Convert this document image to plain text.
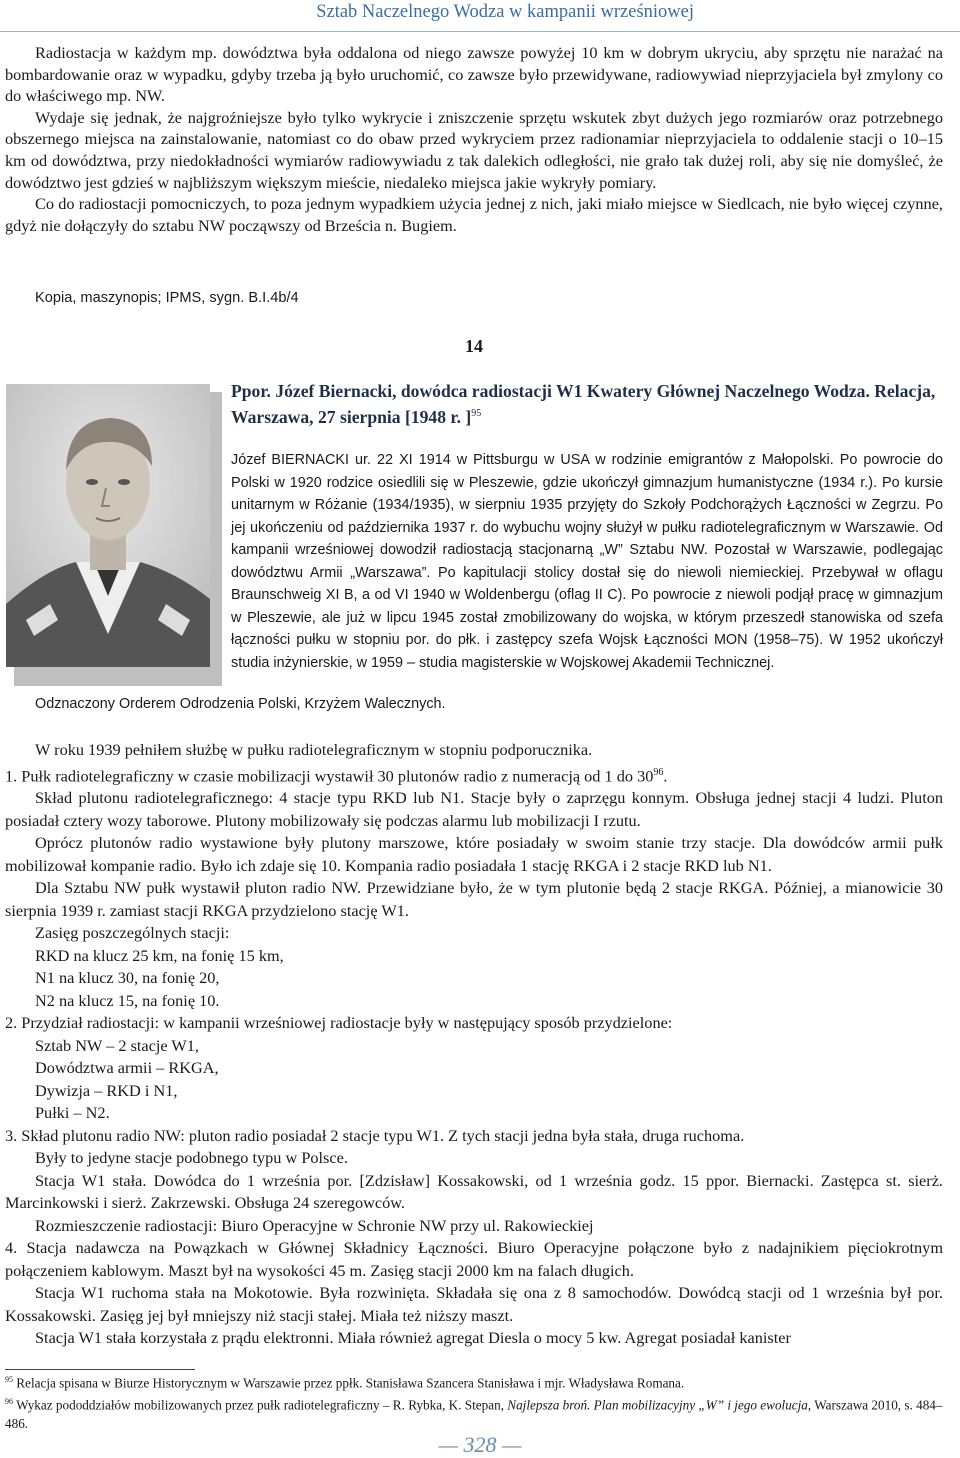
Sztab Naczelnego Wodza w kampanii wrześniowej

Radiostacja w każdym mp. dowództwa była oddalona od niego zawsze powyżej 10 km w dobrym ukryciu, aby sprzętu nie narażać na bombardowanie oraz w wypadku, gdyby trzeba ją było uruchomić, co zawsze było przewidywane, radiowywiad nieprzyjaciela był zmylony co do właściwego mp. NW.

Wydaje się jednak, że najgroźniejsze było tylko wykrycie i zniszczenie sprzętu wskutek zbyt dużych jego rozmiarów oraz potrzebnego obszernego miejsca na zainstalowanie, natomiast co do obaw przed wykryciem przez radionamiar nieprzyjaciela to oddalenie stacji o 10–15 km od dowództwa, przy niedokładności wymiarów radiowywiadu z tak dalekich odległości, nie grało tak dużej roli, aby się nie domyśleć, że dowództwo jest gdzieś w najbliższym większym mieście, niedaleko miejsca jakie wykryły pomiary.

Co do radiostacji pomocniczych, to poza jednym wypadkiem użycia jednej z nich, jaki miało miejsce w Siedlcach, nie było więcej czynne, gdyż nie dołączyły do sztabu NW począwszy od Brześcia n. Bugiem.

Kopia, maszynopis; IPMS, sygn. B.I.4b/4
14
Ppor. Józef Biernacki, dowódca radiostacji W1 Kwatery Głównej Naczelnego Wodza. Relacja, Warszawa, 27 sierpnia [1948 r. ]$^{95}$
Józef BIERNACKI ur. 22 XI 1914 w Pittsburgu w USA w rodzinie emigrantów z Małopolski. Po powrocie do Polski w 1920 rodzice osiedlili się w Pleszewie, gdzie ukończył gimnazjum humanistyczne (1934 r.). Po kursie unitarnym w Różanie (1934/1935), w sierpniu 1935 przyjęty do Szkoły Podchorążych Łączności w Zegrzu. Po jej ukończeniu od października 1937 r. do wybuchu wojny służył w pułku radiotelegraficznym w Warszawie. Od kampanii wrześniowej dowodził radiostacją stacjonarną „W” Sztabu NW. Pozostał w Warszawie, podlegając dowództwu Armii „Warszawa”. Po kapitulacji stolicy dostał się do niewoli niemieckiej. Przebywał w oflagu Braunschweig XI B, a od VI 1940 w Woldenbergu (oflag II C). Po powrocie z niewoli podjął pracę w gimnazjum w Pleszewie, ale już w lipcu 1945 został zmobilizowany do wojska, w którym przeszedł stanowiska od szefa łączności pułku w stopniu por. do płk. i zastępcy szefa Wojsk Łączności MON (1958–75). W 1952 ukończył studia inżynierskie, w 1959 – studia magisterskie w Wojskowej Akademii Technicznej.
Odznaczony Orderem Odrodzenia Polski, Krzyżem Walecznych.

W roku 1939 pełniłem służbę w pułku radiotelegraficznym w stopniu podporucznika.

1. Pułk radiotelegraficzny w czasie mobilizacji wystawił 30 plutonów radio z numeracją od 1 do $30^{96}$.

Skład plutonu radiotelegraficznego: 4 stacje typu RKD lub N1. Stacje były o zaprzęgu konnym. Obsługa jednej stacji 4 ludzi. Pluton posiadał cztery wozy taborowe. Plutony mobilizowały się podczas alarmu lub mobilizacji I rzutu.

Oprócz plutonów radio wystawione były plutony marszowe, które posiadały w swoim stanie trzy stacje. Dla dowódców armii pułk mobilizował kompanie radio. Było ich zdaje się 10. Kompania radio posiadała 1 stację RKGA i 2 stacje RKD lub N1.

Dla Sztabu NW pułk wystawił pluton radio NW. Przewidziane było, że w tym plutonie będą 2 stacje RKGA. Później, a mianowicie 30 sierpnia 1939 r. zamiast stacji RKGA przydzielono stację W1.

Zasięg poszczególnych stacji:
RKD na klucz 25 km, na fonię 15 km,
N1 na klucz 30, na fonię 20,
N2 na klucz 15, na fonię 10.

2. Przydział radiostacji: w kampanii wrześniowej radiostacje były w następujący sposób przydzielone:

Sztab NW – 2 stacje W1,
Dowództwa armii – RKGA,
Dywizja – RKD i N1,
Pułki – N2.

3. Skład plutonu radio NW: pluton radio posiadał 2 stacje typu W1. Z tych stacji jedna była stała, druga ruchoma.

Były to jedyne stacje podobnego typu w Polsce.

Stacja W1 stała. Dowódca do 1 września por. [Zdzisław] Kossakowski, od 1 września godz. 15 ppor. Biernacki. Zastępca st. sierż. Marcinkowski i sierż. Zakrzewski. Obsługa 24 szeregowców.

Rozmieszczenie radiostacji: Biuro Operacyjne w Schronie NW przy ul. Rakowieckiej

4. Stacja nadawcza na Powązkach w Głównej Składnicy Łączności. Biuro Operacyjne połączone było z nadajnikiem pięciokrotnym połączeniem kablowym. Maszt był na wysokości 45 m. Zasięg stacji 2000 km na falach długich.

Stacja W1 ruchoma stała na Mokotowie. Była rozwinięta. Składała się ona z 8 samochodów. Dowódcą stacji od 1 września był por. Kossakowski. Zasięg jej był mniejszy niż stacji stałej. Miała też niższy maszt.

Stacja W1 stała korzystała z prądu elektronni. Miała również agregat Diesla o mocy 5 kw. Agregat posiadał kanister

$^{95}$ Relacja spisana w Biurze Historycznym w Warszawie przez ppłk. Stanisława Szancera Stanisława i mjr. Władysława Romana.
$^{96}$ Wykaz pododdziałów mobilizowanych przez pułk radiotelegraficzny – R. Rybka, K. Stepan, Najlepsza broń. Plan mobilizacyjny „W” i jego ewolucja, Warszawa 2010, s. 484–486.
— 328 —
